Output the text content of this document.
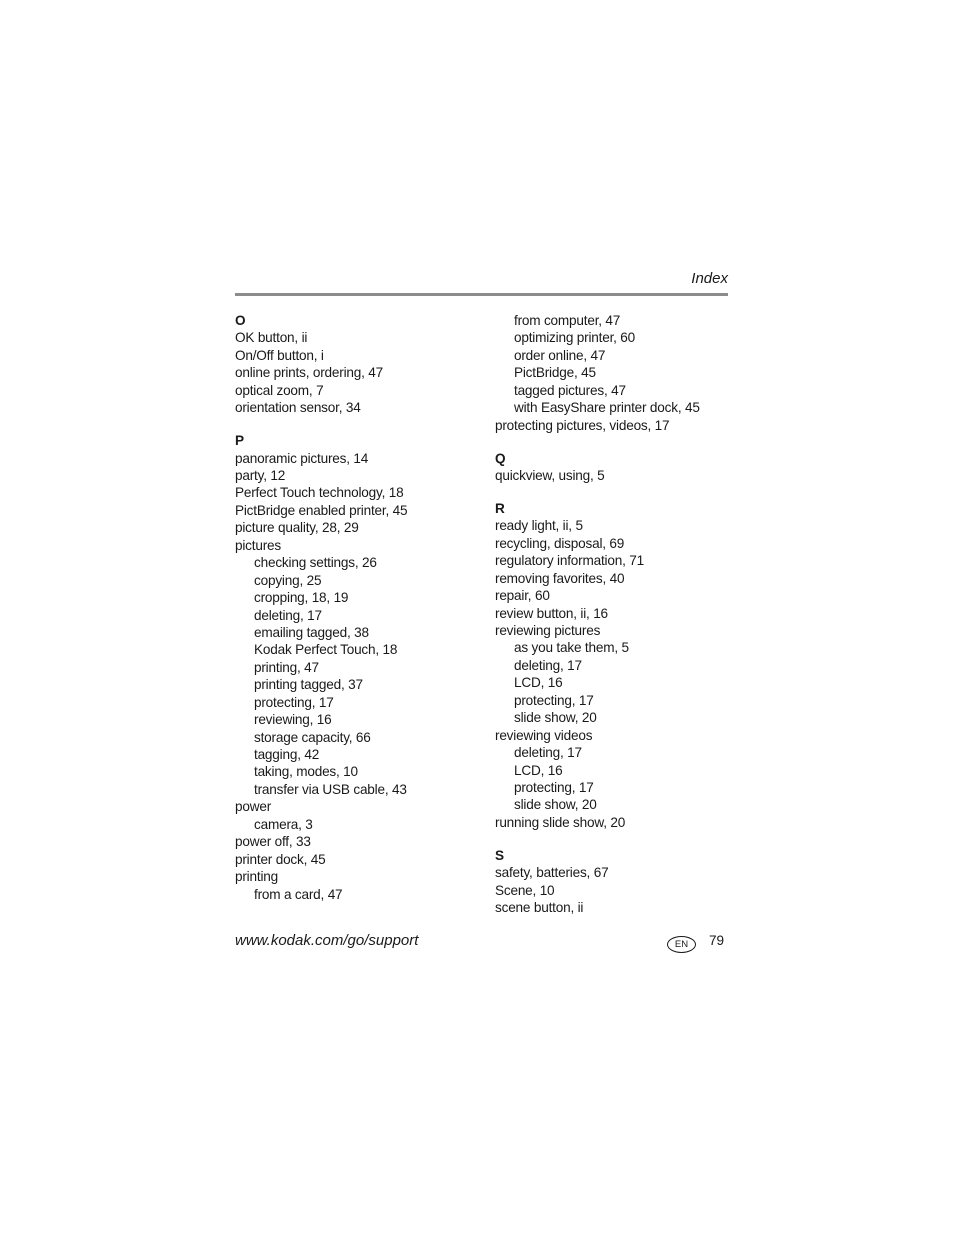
Index
O
OK button, ii
On/Off button, i
online prints, ordering, 47
optical zoom, 7
orientation sensor, 34
P
panoramic pictures, 14
party, 12
Perfect Touch technology, 18
PictBridge enabled printer, 45
picture quality, 28, 29
pictures
checking settings, 26
copying, 25
cropping, 18, 19
deleting, 17
emailing tagged, 38
Kodak Perfect Touch, 18
printing, 47
printing tagged, 37
protecting, 17
reviewing, 16
storage capacity, 66
tagging, 42
taking, modes, 10
transfer via USB cable, 43
power
camera, 3
power off, 33
printer dock, 45
printing
from a card, 47
from computer, 47
optimizing printer, 60
order online, 47
PictBridge, 45
tagged pictures, 47
with EasyShare printer dock, 45
protecting pictures, videos, 17
Q
quickview, using, 5
R
ready light, ii, 5
recycling, disposal, 69
regulatory information, 71
removing favorites, 40
repair, 60
review button, ii, 16
reviewing pictures
as you take them, 5
deleting, 17
LCD, 16
protecting, 17
slide show, 20
reviewing videos
deleting, 17
LCD, 16
protecting, 17
slide show, 20
running slide show, 20
S
safety, batteries, 67
Scene, 10
scene button, ii
www.kodak.com/go/support	EN	79
